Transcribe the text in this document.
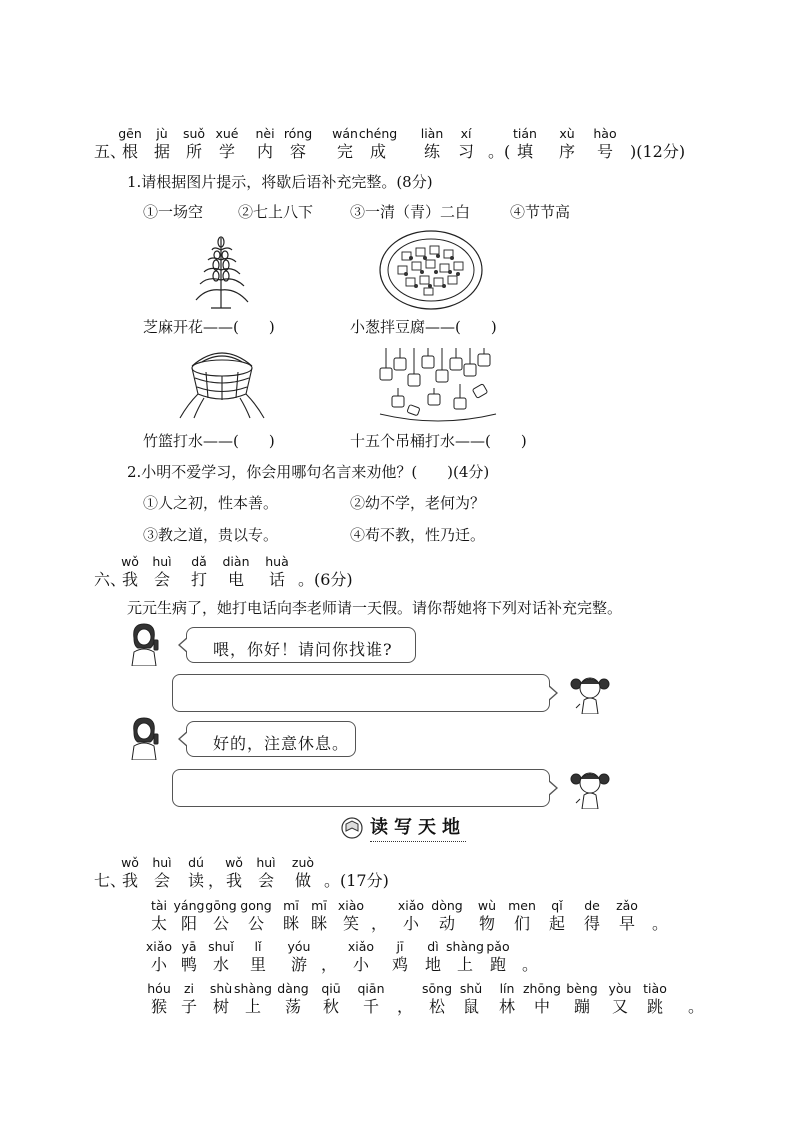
五、
gēn
根
jù
据
suǒ
所
xué
学
nèi
内
róng
容
wán
完
chéng
成
liàn
练
xí
习 。(
tián
填
xù
序
hào
号	)(12分)
1.请根据图片提示，将歇后语补充完整。(8分)
①一场空 ②七上八下 ③一清（青）二白	④节节高
芝麻开花——(　　)	小葱拌豆腐——(　　)
竹篮打水——(　　)	十五个吊桶打水——(　　)
2.小明不爱学习，你会用哪句名言来劝他？(　　)(4分)
①人之初，性本善。	②幼不学，老何为？
③教之道，贵以专。	④苟不教，性乃迁。
六、
wǒ
我
huì
会
dǎ
打
diàn
电
huà
话 。(6分)
元元生病了，她打电话向李老师请一天假。请你帮她将下列对话补充完整。
喂，你好！请问你找谁?
好的，注意休息。
读写天地
七、
wǒ
我
huì
会
dú
读 ，
wǒ
我
huì
会
zuò
做 。(17分)
tài
太
yáng
阳
gōng
公
gong
公
mī
眯
mī
眯
xiào
笑 ，
xiǎo
小
dòng
动
wù
物
men
们
qǐ
起
de
得
zǎo
早	。
xiǎo
小
yā
鸭
shuǐ
水
lǐ
里
yóu
游 ，
xiǎo
小
jī
鸡
dì
地
shàng
上
pǎo
跑 。
hóu
猴
zi
子
shù
树
shàng
上
dàng
荡
qiū
秋
qiān
千	，
sōng
松
shǔ
鼠
lín
林
zhōng
中
bèng
蹦
yòu
又
tiào
跳	。
